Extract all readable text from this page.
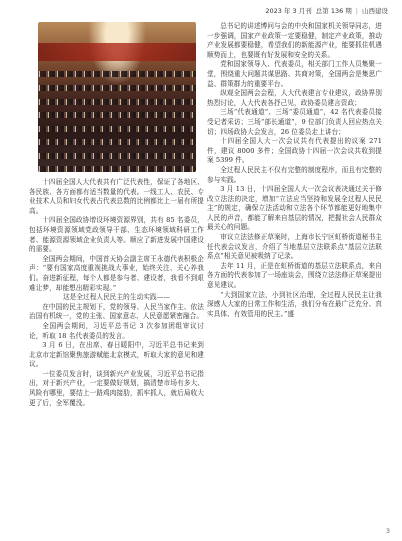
2023 年 3 月刊 总第 136 期 | 山西建设

十四届全国人大代表共有广泛代表性，保证了各地区、各民族、各方面都有适当数量的代表。一线工人、农民、专业技术人员和妇女代表占代表总数的比例都比上一届有所提高。

十四届全国政协增设环境资源界别，共有 85 名委员，包括环境资源领域党政领导干部、生态环境领域科研工作者、能源资源领域企业负责人等。顺应了新进发展中国建设的需要。

全国两会期间，中国首天协会副主席王永德代表积极企声：“要有国家高度重视挑战大事业，始终关注、关心养我们。奋进新征程，每个人都是参与者、建设者，我看不到艰难让梦，却能想出精彩实现。”

这是全过程人民民主的生动实践——

在中国的民主规划下，党的领导、人民当家作主、依法治国有机统一，党的主张、国家意志、人民意愿紧密融合。

全国两会期间，习近平总书记 3 次参加团组审议讨论，听取 18 名代表委员的发言。

3 月 6 日，在出席、春日暖阳中，习近平总书记来到北京市定新馆聚焦旅游赋能北京模式，听取大家的意见和建议。

一位委员发言时，谈到新兴产业发展，习近平总书记指出，对于新兴产业，一定要做好规划，搞清楚市场有多大、风险有哪里，要结上一路鸡肉接肋，抓牢抓人，就后局收大更了后，全军覆没。

总书记的讲述博问与会的中央和国家机关领导同志，进一步强调，国家产业政策一定要稳健，制定产业政策，推动产业发展都要稳健，希望我们的新能源产业，能要抓住机遇顺势而上，也要既有好发展和安全的关系。

党和国家领导人、代表委员，相关部门工作人员集聚一堂，围绕重大问题共谋思路、共商对策，全国两会是集思广益、群策群力的重要平台。

纵观全国两会会程，人大代表建言专业建议，政协界别热烈讨论，人大代表各抒己见，政协委员建言资政；

三场“代表通道”、三场“委员通道”，42 名代表委员接受记者采访；三场“部长通道”，9 位部门负责人回应热点关切；四场政协大会发言，26 位委员走上讲台；

十四届全国人大一次会议共有代表提出的议案 271 件，建议 8000 多件；全国政协十四届一次会议共收到提案 5399 件。

全过程人民民主不仅有完整的制度程序，而且有完整的参与实践。

3 月 13 日，十四届全国人大一次会议表决通过关于修改立法法的决定，增加“立法应当坚持和发展全过程人民民主”的规定，确保立法活动和立法各个环节都能更好地集中人民的声音，都能了解来自基层的情况，把握社会人民群众最关心的问题。

审议立法法修正草案时，上海市长宁区虹桥街道秘书主任代表会议发言，介绍了当地基层立法联系点“基层立法联系点”相关意见被吸纳了记录。

去年 11 月，正是在虹桥街道的基层立法联系点，来自各方面的代表参加了一场座谈会，围绕立法法修正草案提出意见建议。

“大到国家立法，小到社区治理，全过程人民民主让我深感人大家的日常工作和生活，我们分布在最广泛充分、真实具体、有效管用的民主。”盛

3
